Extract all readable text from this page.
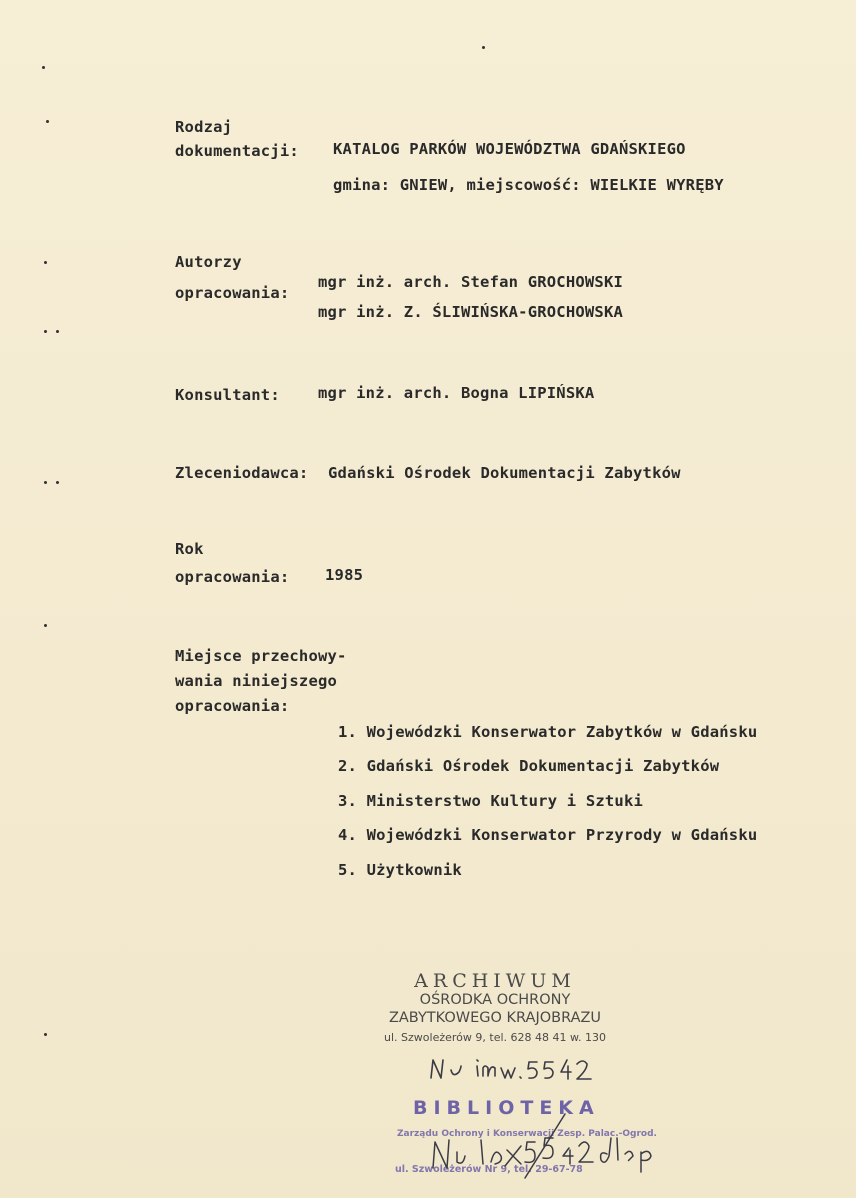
Rodzaj
dokumentacji: KATALOG PARKÓW WOJEWÓDZTWA GDAŃSKIEGO
gmina: GNIEW, miejscowość: WIELKIE WYRĘBY
Autorzy
opracowania:
mgr inż. arch. Stefan GROCHOWSKI
mgr inż. Z. ŚLIWIŃSKA-GROCHOWSKA
Konsultant: mgr inż. arch. Bogna LIPIŃSKA
Zleceniodawca: Gdański Ośrodek Dokumentacji Zabytków
Rok
opracowania: 1985
Miejsce przechowy-
wania niniejszego
opracowania:
1. Wojewódzki Konserwator Zabytków w Gdańsku
2. Gdański Ośrodek Dokumentacji Zabytków
3. Ministerstwo Kultury i Sztuki
4. Wojewódzki Konserwator Przyrody w Gdańsku
5. Użytkownik
ARCHIWUM
OŚRODKA OCHRONY
ZABYTKOWEGO KRAJOBRAZU
ul. Szwoleżerów 9, tel. 628 48 41 w. 130
BIBLIOTEKA
Zarządu Ochrony i Konserwacji Zesp. Palac.-Ogrod.
ul. Szwoleżerów Nr 9, tel. 29-67-78
